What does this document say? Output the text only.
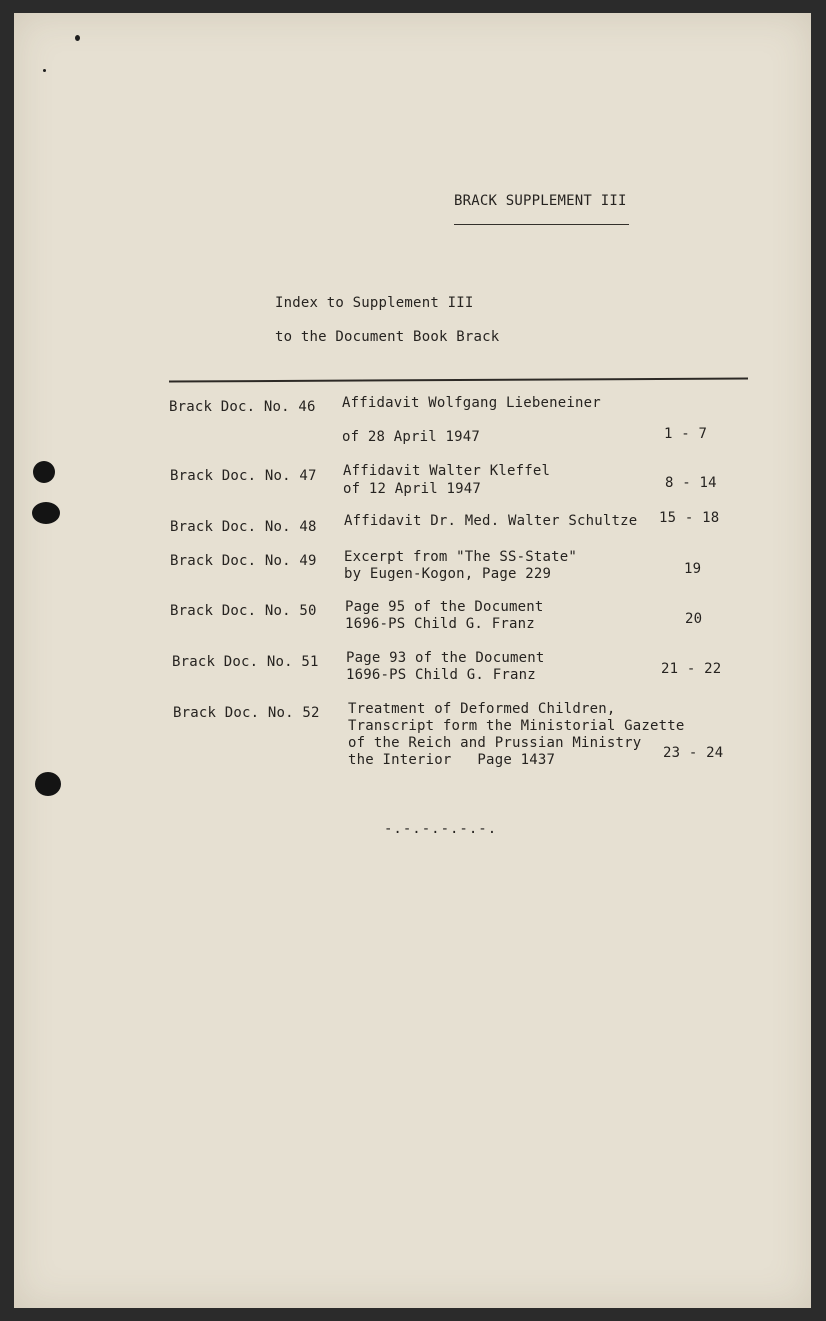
BRACK SUPPLEMENT III
Index to Supplement III
to the Document Book Brack
Brack Doc. No. 46 Affidavit Wolfgang Liebeneiner
of 28 April 1947	1 - 7
Brack Doc. No. 47 Affidavit Walter Kleffel
of 12 April 1947	8 - 14
Brack Doc. No. 48 Affidavit Dr. Med. Walter Schultze 15 - 18
Brack Doc. No. 49 Excerpt from "The SS-State"
by Eugen-Kogon, Page 229	19
Brack Doc. No. 50 Page 95 of the Document
1696-PS Child G. Franz	20
Brack Doc. No. 51 Page 93 of the Document
1696-PS Child G. Franz	21 - 22
Brack Doc. No. 52 Treatment of Deformed Children,
Transcript form the Ministorial Gazette
of the Reich and Prussian Ministry
the Interior   Page 1437	23 - 24
-.-.-.-.-.-.
